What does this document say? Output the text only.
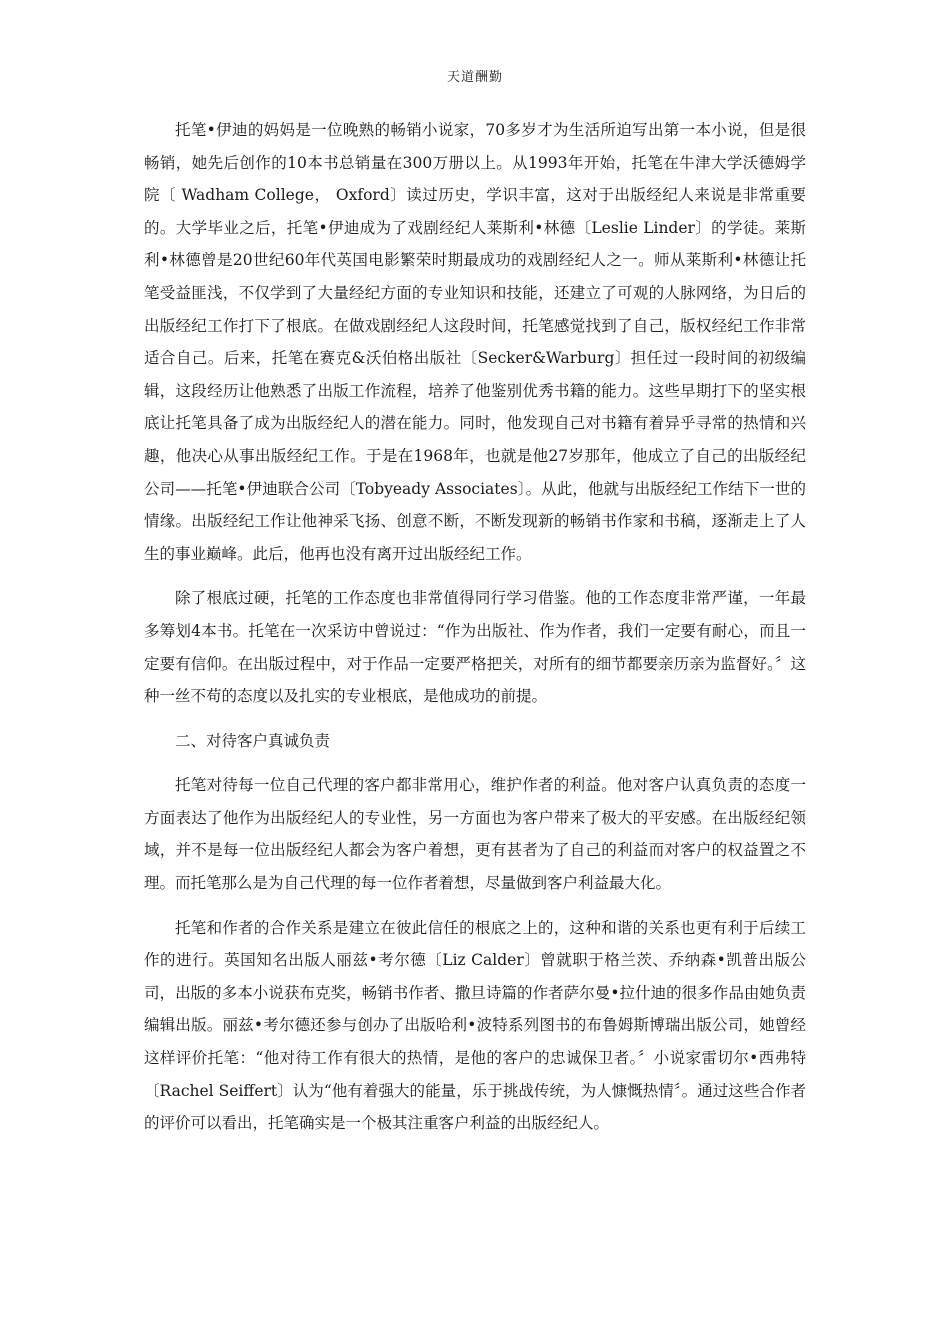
天道酬勤

托笔•伊迪的妈妈是一位晚熟的畅销小说家，70多岁才为生活所迫写出第一本小说，但是很畅销，她先后创作的10本书总销量在300万册以上。从1993年开始，托笔在牛津大学沃德姆学院〔 Wadham College， Oxford〕读过历史，学识丰富，这对于出版经纪人来说是非常重要的。大学毕业之后，托笔•伊迪成为了戏剧经纪人莱斯利•林德〔Leslie Linder〕的学徒。莱斯利•林德曾是20世纪60年代英国电影繁荣时期最成功的戏剧经纪人之一。师从莱斯利•林德让托笔受益匪浅，不仅学到了大量经纪方面的专业知识和技能，还建立了可观的人脉网络，为日后的出版经纪工作打下了根底。在做戏剧经纪人这段时间，托笔感觉找到了自己，版权经纪工作非常适合自己。后来，托笔在赛克&沃伯格出版社〔Secker&Warburg〕担任过一段时间的初级编辑，这段经历让他熟悉了出版工作流程，培养了他鉴别优秀书籍的能力。这些早期打下的坚实根底让托笔具备了成为出版经纪人的潜在能力。同时，他发现自己对书籍有着异乎寻常的热情和兴趣，他决心从事出版经纪工作。于是在1968年，也就是他27岁那年，他成立了自己的出版经纪公司——托笔•伊迪联合公司〔Tobyeady Associates〕。从此，他就与出版经纪工作结下一世的情缘。出版经纪工作让他神采飞扬、创意不断，不断发现新的畅销书作家和书稿，逐渐走上了人生的事业巅峰。此后，他再也没有离开过出版经纪工作。

除了根底过硬，托笔的工作态度也非常值得同行学习借鉴。他的工作态度非常严谨，一年最多筹划4本书。托笔在一次采访中曾说过：“作为出版社、作为作者，我们一定要有耐心，而且一定要有信仰。在出版过程中，对于作品一定要严格把关，对所有的细节都要亲历亲为监督好。〞这种一丝不苟的态度以及扎实的专业根底，是他成功的前提。

二、对待客户真诚负责

托笔对待每一位自己代理的客户都非常用心，维护作者的利益。他对客户认真负责的态度一方面表达了他作为出版经纪人的专业性，另一方面也为客户带来了极大的平安感。在出版经纪领域，并不是每一位出版经纪人都会为客户着想，更有甚者为了自己的利益而对客户的权益置之不理。而托笔那么是为自己代理的每一位作者着想，尽量做到客户利益最大化。

托笔和作者的合作关系是建立在彼此信任的根底之上的，这种和谐的关系也更有利于后续工作的进行。英国知名出版人丽兹•考尔德〔Liz Calder〕曾就职于格兰茨、乔纳森•凯普出版公司，出版的多本小说获布克奖，畅销书作者、撒旦诗篇的作者萨尔曼•拉什迪的很多作品由她负责编辑出版。丽兹•考尔德还参与创办了出版哈利•波特系列图书的布鲁姆斯博瑞出版公司，她曾经这样评价托笔：“他对待工作有很大的热情，是他的客户的忠诚保卫者。〞小说家雷切尔•西弗特〔Rachel Seiffert〕认为“他有着强大的能量，乐于挑战传统，为人慷慨热情〞。通过这些合作者的评价可以看出，托笔确实是一个极其注重客户利益的出版经纪人。
